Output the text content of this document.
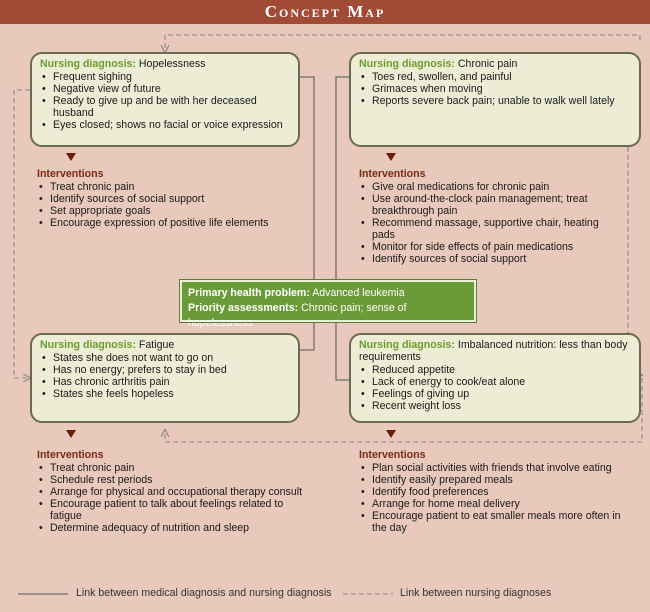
Concept Map
Nursing diagnosis: Hopelessness
• Frequent sighing
• Negative view of future
• Ready to give up and be with her deceased husband
• Eyes closed; shows no facial or voice expression
Nursing diagnosis: Chronic pain
• Toes red, swollen, and painful
• Grimaces when moving
• Reports severe back pain; unable to walk well lately
Interventions
• Treat chronic pain
• Identify sources of social support
• Set appropriate goals
• Encourage expression of positive life elements
Interventions
• Give oral medications for chronic pain
• Use around-the-clock pain management; treat breakthrough pain
• Recommend massage, supportive chair, heating pads
• Monitor for side effects of pain medications
• Identify sources of social support
Primary health problem: Advanced leukemia
Priority assessments: Chronic pain; sense of hopelessness
Nursing diagnosis: Fatigue
• States she does not want to go on
• Has no energy; prefers to stay in bed
• Has chronic arthritis pain
• States she feels hopeless
Nursing diagnosis: Imbalanced nutrition: less than body requirements
• Reduced appetite
• Lack of energy to cook/eat alone
• Feelings of giving up
• Recent weight loss
Interventions
• Treat chronic pain
• Schedule rest periods
• Arrange for physical and occupational therapy consult
• Encourage patient to talk about feelings related to fatigue
• Determine adequacy of nutrition and sleep
Interventions
• Plan social activities with friends that involve eating
• Identify easily prepared meals
• Identify food preferences
• Arrange for home meal delivery
• Encourage patient to eat smaller meals more often in the day
Link between medical diagnosis and nursing diagnosis	Link between nursing diagnoses
